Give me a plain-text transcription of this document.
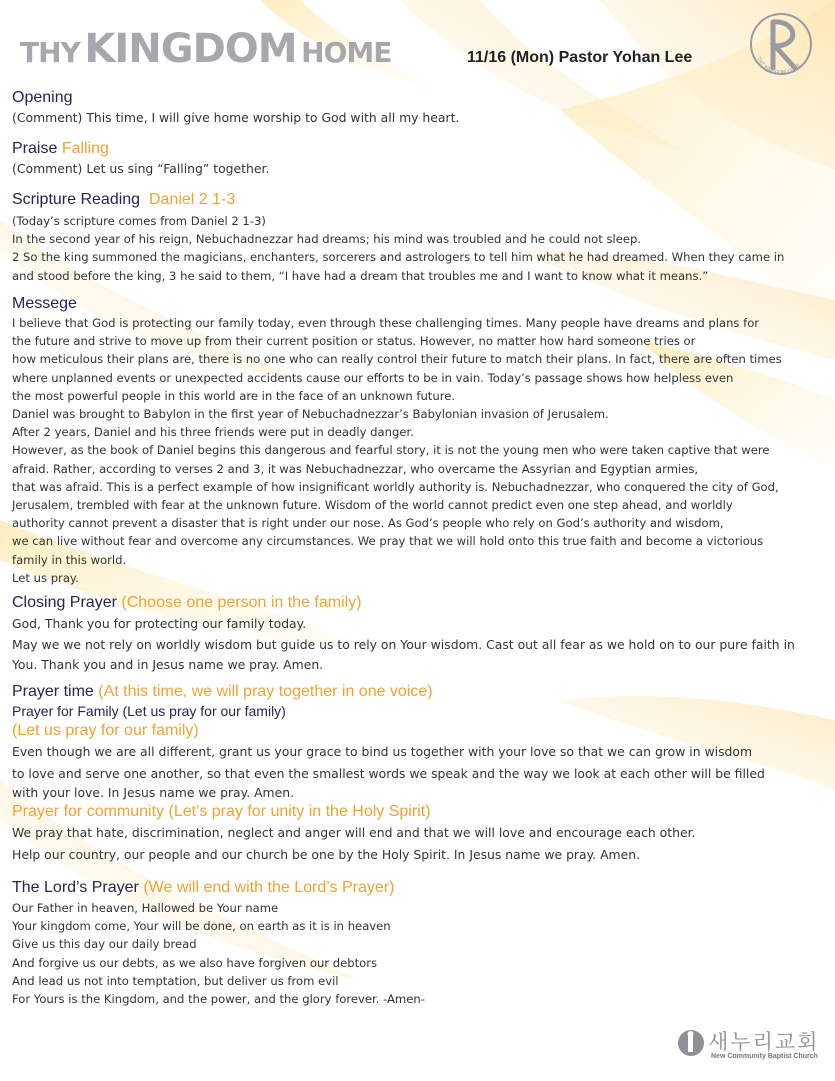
THY KINGDOM HOME	11/16 (Mon) Pastor Yohan Lee	THY KINGDOM COME
Opening
(Comment) This time, I will give home worship to God with all my heart.
Praise Falling
(Comment) Let us sing “Falling” together.
Scripture Reading Daniel 2 1-3
(Today’s scripture comes from Daniel 2 1-3)
In the second year of his reign, Nebuchadnezzar had dreams; his mind was troubled and he could not sleep.
2 So the king summoned the magicians, enchanters, sorcerers and astrologers to tell him what he had dreamed. When they came in
and stood before the king, 3 he said to them, “I have had a dream that troubles me and I want to know what it means.”
Messege
I believe that God is protecting our family today, even through these challenging times. Many people have dreams and plans for
the future and strive to move up from their current position or status. However, no matter how hard someone tries or
how meticulous their plans are, there is no one who can really control their future to match their plans. In fact, there are often times
where unplanned events or unexpected accidents cause our efforts to be in vain. Today’s passage shows how helpless even
the most powerful people in this world are in the face of an unknown future.
Daniel was brought to Babylon in the first year of Nebuchadnezzar’s Babylonian invasion of Jerusalem.
After 2 years, Daniel and his three friends were put in deadly danger.
However, as the book of Daniel begins this dangerous and fearful story, it is not the young men who were taken captive that were
afraid. Rather, according to verses 2 and 3, it was Nebuchadnezzar, who overcame the Assyrian and Egyptian armies,
that was afraid. This is a perfect example of how insignificant worldly authority is. Nebuchadnezzar, who conquered the city of God,
Jerusalem, trembled with fear at the unknown future. Wisdom of the world cannot predict even one step ahead, and worldly
authority cannot prevent a disaster that is right under our nose. As God’s people who rely on God’s authority and wisdom,
we can live without fear and overcome any circumstances. We pray that we will hold onto this true faith and become a victorious
family in this world.
Let us pray.
Closing Prayer (Choose one person in the family)
God, Thank you for protecting our family today.
May we we not rely on worldly wisdom but guide us to rely on Your wisdom. Cast out all fear as we hold on to our pure faith in
You. Thank you and in Jesus name we pray. Amen.
Prayer time (At this time, we will pray together in one voice)
Prayer for Family (Let us pray for our family)
(Let us pray for our family)
Even though we are all different, grant us your grace to bind us together with your love so that we can grow in wisdom
to love and serve one another, so that even the smallest words we speak and the way we look at each other will be filled
with your love. In Jesus name we pray. Amen.
Prayer for community (Let’s pray for unity in the Holy Spirit)
We pray that hate, discrimination, neglect and anger will end and that we will love and encourage each other.
Help our country, our people and our church be one by the Holy Spirit. In Jesus name we pray. Amen.
The Lord’s Prayer (We will end with the Lord’s Prayer)
Our Father in heaven, Hallowed be Your name
Your kingdom come, Your will be done, on earth as it is in heaven
Give us this day our daily bread
And forgive us our debts, as we also have forgiven our debtors
And lead us not into temptation, but deliver us from evil
For Yours is the Kingdom, and the power, and the glory forever. -Amen-
새누리교회
New Community Baptist Church
